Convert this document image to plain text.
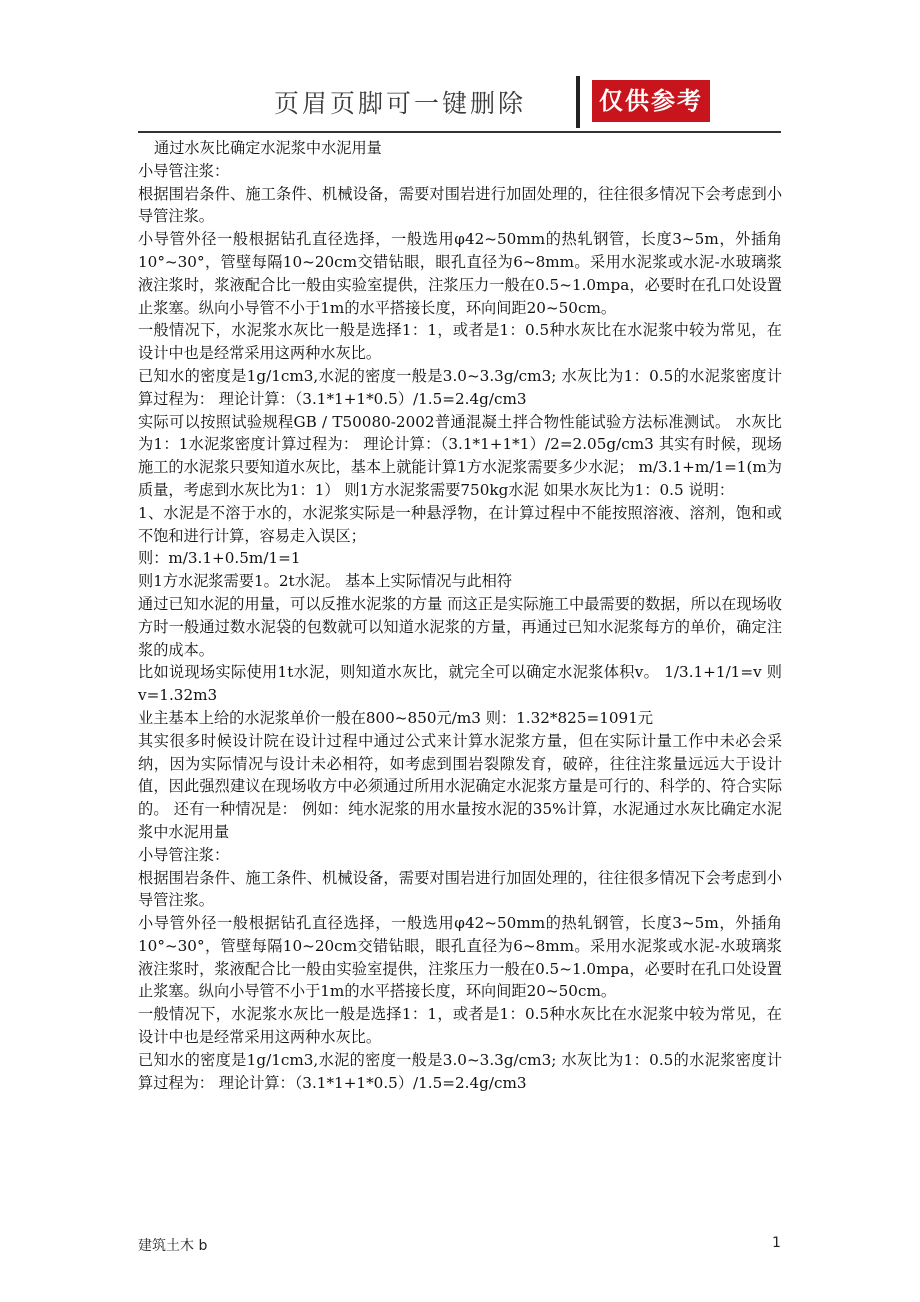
页眉页脚可一键删除	仅供参考

通过水灰比确定水泥浆中水泥用量

小导管注浆：

根据围岩条件、施工条件、机械设备，需要对围岩进行加固处理的，往往很多情况下会考虑到小导管注浆。

小导管外径一般根据钻孔直径选择，一般选用φ42~50mm的热轧钢管，长度3~5m，外插角10°~30°，管壁每隔10~20cm交错钻眼，眼孔直径为6~8mm。采用水泥浆或水泥-水玻璃浆液注浆时，浆液配合比一般由实验室提供，注浆压力一般在0.5~1.0mpa，必要时在孔口处设置止浆塞。纵向小导管不小于1m的水平搭接长度，环向间距20~50cm。

一般情况下，水泥浆水灰比一般是选择1：1，或者是1：0.5种水灰比在水泥浆中较为常见，在设计中也是经常采用这两种水灰比。

已知水的密度是1g/1cm3,水泥的密度一般是3.0~3.3g/cm3; 水灰比为1：0.5的水泥浆密度计算过程为： 理论计算：（3.1*1+1*0.5）/1.5=2.4g/cm3

实际可以按照试验规程GB / T50080-2002普通混凝土拌合物性能试验方法标准测试。 水灰比为1：1水泥浆密度计算过程为： 理论计算：（3.1*1+1*1）/2=2.05g/cm3 其实有时候，现场施工的水泥浆只要知道水灰比，基本上就能计算1方水泥浆需要多少水泥； m/3.1+m/1=1(m为质量，考虑到水灰比为1：1） 则1方水泥浆需要750kg水泥 如果水灰比为1：0.5 说明：

1、水泥是不溶于水的，水泥浆实际是一种悬浮物，在计算过程中不能按照溶液、溶剂，饱和或不饱和进行计算，容易走入误区；

则：m/3.1+0.5m/1=1

则1方水泥浆需要1。2t水泥。 基本上实际情况与此相符

通过已知水泥的用量，可以反推水泥浆的方量 而这正是实际施工中最需要的数据，所以在现场收方时一般通过数水泥袋的包数就可以知道水泥浆的方量，再通过已知水泥浆每方的单价，确定注浆的成本。

比如说现场实际使用1t水泥，则知道水灰比，就完全可以确定水泥浆体积v。 1/3.1+1/1=v 则v=1.32m3

业主基本上给的水泥浆单价一般在800~850元/m3 则：1.32*825=1091元

其实很多时候设计院在设计过程中通过公式来计算水泥浆方量，但在实际计量工作中未必会采纳，因为实际情况与设计未必相符，如考虑到围岩裂隙发育，破碎，往往注浆量远远大于设计值，因此强烈建议在现场收方中必须通过所用水泥确定水泥浆方量是可行的、科学的、符合实际的。 还有一种情况是： 例如：纯水泥浆的用水量按水泥的35%计算，水泥通过水灰比确定水泥浆中水泥用量

小导管注浆：

根据围岩条件、施工条件、机械设备，需要对围岩进行加固处理的，往往很多情况下会考虑到小导管注浆。

小导管外径一般根据钻孔直径选择，一般选用φ42~50mm的热轧钢管，长度3~5m，外插角10°~30°，管壁每隔10~20cm交错钻眼，眼孔直径为6~8mm。采用水泥浆或水泥-水玻璃浆液注浆时，浆液配合比一般由实验室提供，注浆压力一般在0.5~1.0mpa，必要时在孔口处设置止浆塞。纵向小导管不小于1m的水平搭接长度，环向间距20~50cm。

一般情况下，水泥浆水灰比一般是选择1：1，或者是1：0.5种水灰比在水泥浆中较为常见，在设计中也是经常采用这两种水灰比。

已知水的密度是1g/1cm3,水泥的密度一般是3.0~3.3g/cm3; 水灰比为1：0.5的水泥浆密度计算过程为： 理论计算：（3.1*1+1*0.5）/1.5=2.4g/cm3

建筑土木 b	1
